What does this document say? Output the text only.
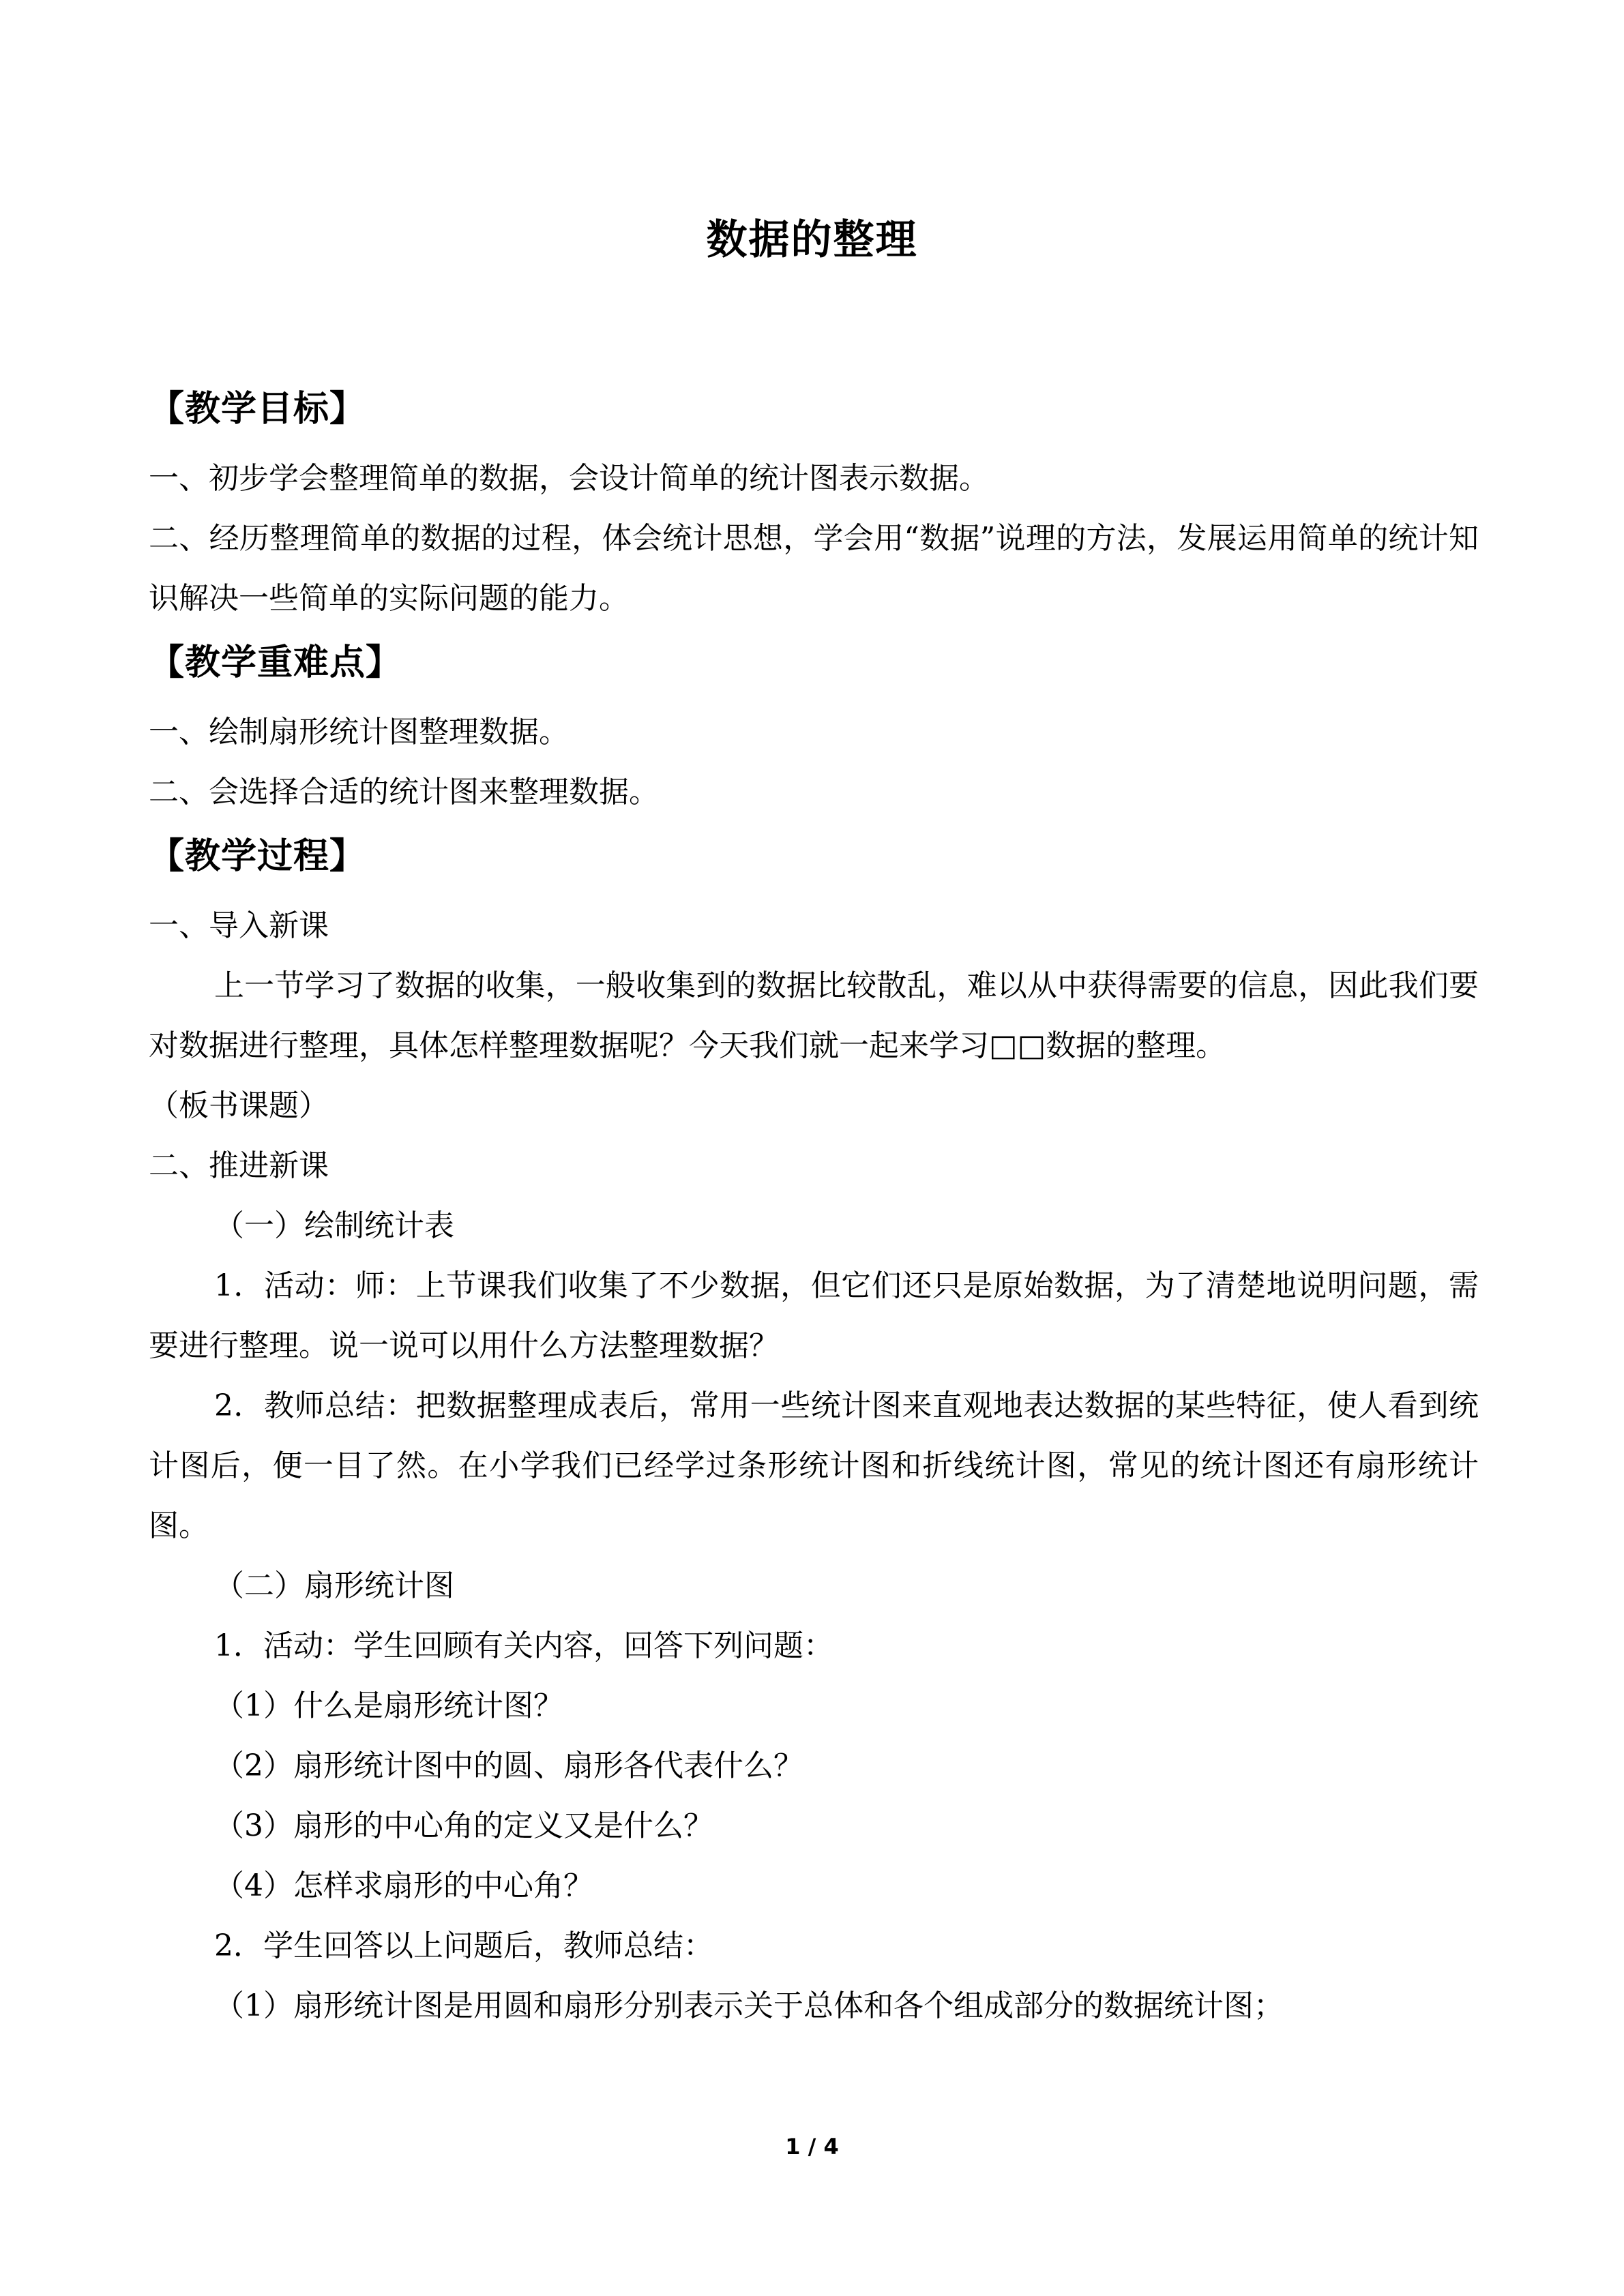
数据的整理
【教学目标】

一、初步学会整理简单的数据，会设计简单的统计图表示数据。

二、经历整理简单的数据的过程，体会统计思想，学会用“数据”说理的方法，发展运用简单的统计知识解决一些简单的实际问题的能力。

【教学重难点】

一、绘制扇形统计图整理数据。

二、会选择合适的统计图来整理数据。

【教学过程】

一、导入新课

上一节学习了数据的收集，一般收集到的数据比较散乱，难以从中获得需要的信息，因此我们要对数据进行整理，具体怎样整理数据呢？今天我们就一起来学习□□数据的整理。

（板书课题）

二、推进新课

（一）绘制统计表

1．活动：师：上节课我们收集了不少数据，但它们还只是原始数据，为了清楚地说明问题，需要进行整理。说一说可以用什么方法整理数据？

2．教师总结：把数据整理成表后，常用一些统计图来直观地表达数据的某些特征，使人看到统计图后，便一目了然。在小学我们已经学过条形统计图和折线统计图，常见的统计图还有扇形统计图。

（二）扇形统计图

1．活动：学生回顾有关内容，回答下列问题：

（1）什么是扇形统计图？

（2）扇形统计图中的圆、扇形各代表什么？

（3）扇形的中心角的定义又是什么？

（4）怎样求扇形的中心角？

2．学生回答以上问题后，教师总结：

（1）扇形统计图是用圆和扇形分别表示关于总体和各个组成部分的数据统计图；

1 / 4
